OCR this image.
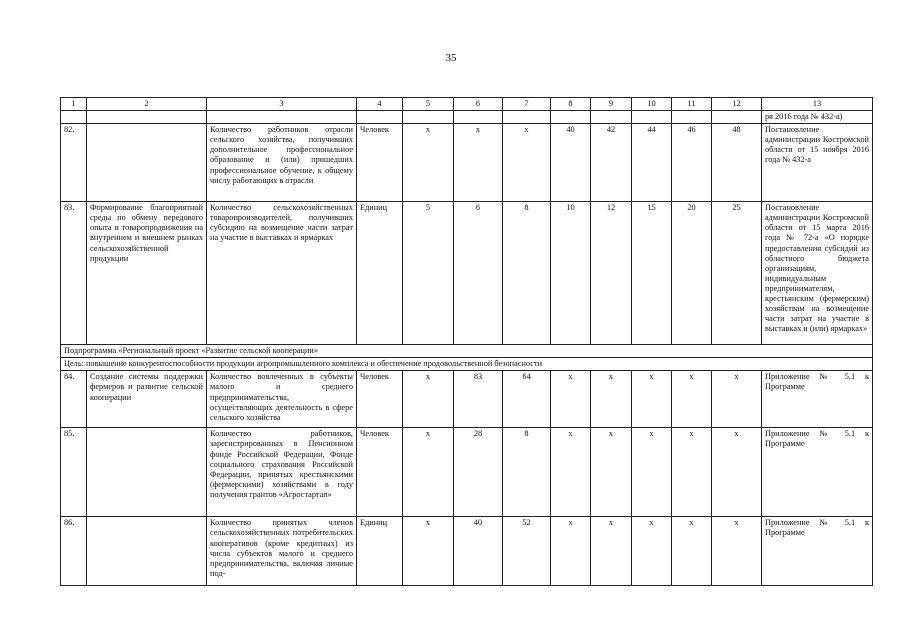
35
1	2	3	4	5	6	7	8	9	10	11	12	13
												ря 2016 года № 432-а)
82.		Количество работников отрасли сельского хозяйства, получивших дополнительное профессиональное образование и (или) прошедших профессиональное обучение, к общему числу работающих в отрасли	Человек	x	x	x	40	42	44	46	48	Постановление администрации Костромской области от 15 ноября 2016 года № 432-а
83.	Формирование благоприятной среды по обмену передового опыта и товаропродвижения на внутреннем и внешнем рынках сельскохозяйственной продукции	Количество сельскохозяйственных товаропроизводителей, получивших субсидию на возмещение части затрат на участие в выставках и ярмарках	Единиц	5	6	8	10	12	15	20	25	Постановление администрации Костромской области от 15 марта 2016 года № 72-а «О порядке предоставления субсидий из областного бюджета организациям, индивидуальным предпринимателям, крестьянским (фермерским) хозяйствам на возмещение части затрат на участие в выставках и (или) ярмарках»
Подпрограмма «Региональный проект «Развитие сельской кооперации»												
Цель: повышение конкурентоспособности продукции агропромышленного комплекса и обеспечение продовольственной безопасности												
84.	Создание системы поддержки фермеров и развитие сельской кооперации	Количество вовлеченных в субъекты малого и среднего предпринимательства, осуществляющих деятельность в сфере сельского хозяйства	Человек	x	83	64	x	x	x	x	x	Приложение № 5.1 к Программе
85.		Количество работников, зарегистрированных в Пенсионном фонде Российской Федерации, Фонде социального страхования Российской Федерации, принятых крестьянскими (фермерскими) хозяйствами в году получения грантов «Агростартап»	Человек	x	28	8	x	x	x	x	x	Приложение № 5.1 к Программе
86.		Количество принятых членов сельскохозяйственных потребительских кооперативов (кроме кредитных) из числа субъектов малого и среднего предпринимательства, включая личные под-	Единиц	x	40	52	x	x	x	x	x	Приложение № 5.1 к Программе
